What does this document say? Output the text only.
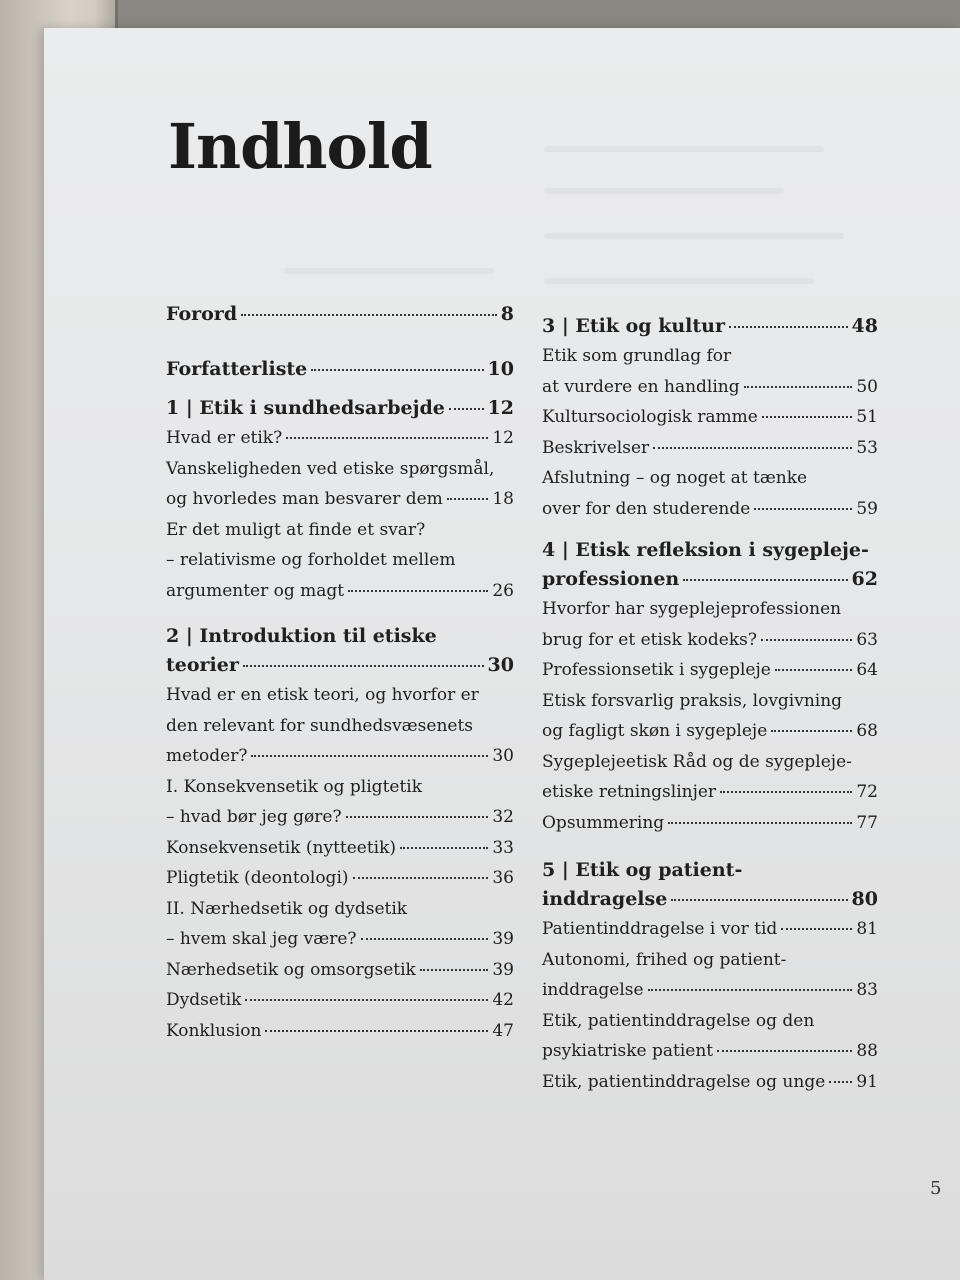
Indhold
Forord	8
Forfatterliste	10
1 | Etik i sundhedsarbejde 12
Hvad er etik?	12
Vanskeligheden ved etiske spørgsmål,
og hvorledes man besvarer dem	18
Er det muligt at finde et svar?
– relativisme og forholdet mellem
argumenter og magt	26
2 | Introduktion til etiske
teorier	30
Hvad er en etisk teori, og hvorfor er
den relevant for sundhedsvæsenets
metoder?	30
I. Konsekvensetik og pligtetik
– hvad bør jeg gøre?	32
Konsekvensetik (nytteetik)	33
Pligtetik (deontologi)	36
II. Nærhedsetik og dydsetik
– hvem skal jeg være?	39
Nærhedsetik og omsorgsetik	39
Dydsetik	42
Konklusion	47
3 | Etik og kultur	48
Etik som grundlag for
at vurdere en handling	50
Kultursociologisk ramme	51
Beskrivelser	53
Afslutning – og noget at tænke
over for den studerende	59
4 | Etisk refleksion i sygepleje-
professionen	62
Hvorfor har sygeplejeprofessionen
brug for et etisk kodeks?	63
Professionsetik i sygepleje	64
Etisk forsvarlig praksis, lovgivning
og fagligt skøn i sygepleje	68
Sygeplejeetisk Råd og de sygepleje-
etiske retningslinjer	72
Opsummering	77
5 | Etik og patient-
inddragelse	80
Patientinddragelse i vor tid	81
Autonomi, frihed og patient-
inddragelse	83
Etik, patientinddragelse og den
psykiatriske patient	88
Etik, patientinddragelse og unge 91
5
